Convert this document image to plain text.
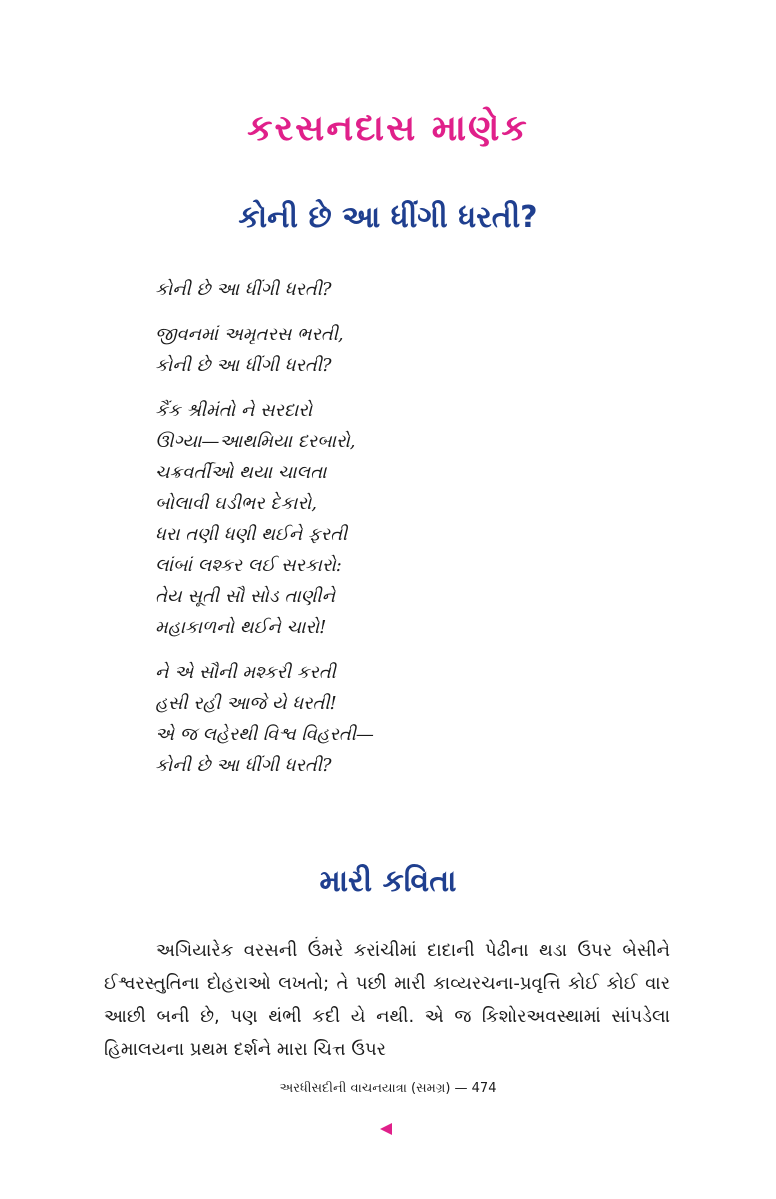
કરસનદાસ માણેક
કોની છે આ ધીંગી ધરતી?
કોની છે આ ધીંગી ધરતી?
જીવનમાં અમૃતરસ ભરતી,
કોની છે આ ધીંગી ધરતી?
કૈંક શ્રીમંતો ને સરદારો
ઊગ્યા—આથમિયા દરબારો,
ચક્રવર્તીઓ થયા ચાલતા
બોલાવી ઘડીભર દેકારો,
ધરા તણી ધણી થઈને ફરતી
લાંબાં લશ્કર લઈ સરકારો:
તેય સૂતી સૌ સોડ તાણીને
મહાકાળનો થઈને ચારો!
ને એ સૌની મશ્કરી કરતી
હસી રહી આજે યે ધરતી!
એ જ લહેરથી વિશ્વ વિહરતી—
કોની છે આ ધીંગી ધરતી?
મારી કવિતા

અગિયારેક વરસની ઉંમરે કરાંચીમાં દાદાની પેઢીના થડા ઉપર બેસીને ઈશ્વરસ્તુતિના દોહરાઓ લખતો; તે પછી મારી કાવ્યરચના-પ્રવૃત્તિ કોઈ કોઈ વાર આછી બની છે, પણ થંભી કદી યે નથી. એ જ કિશોરઅવસ્થામાં સાંપડેલા હિમાલયના પ્રથમ દર્શને મારા ચિત્ત ઉપર

અરધીસદીની વાચનયાત્રા (સમગ્ર) — 474
